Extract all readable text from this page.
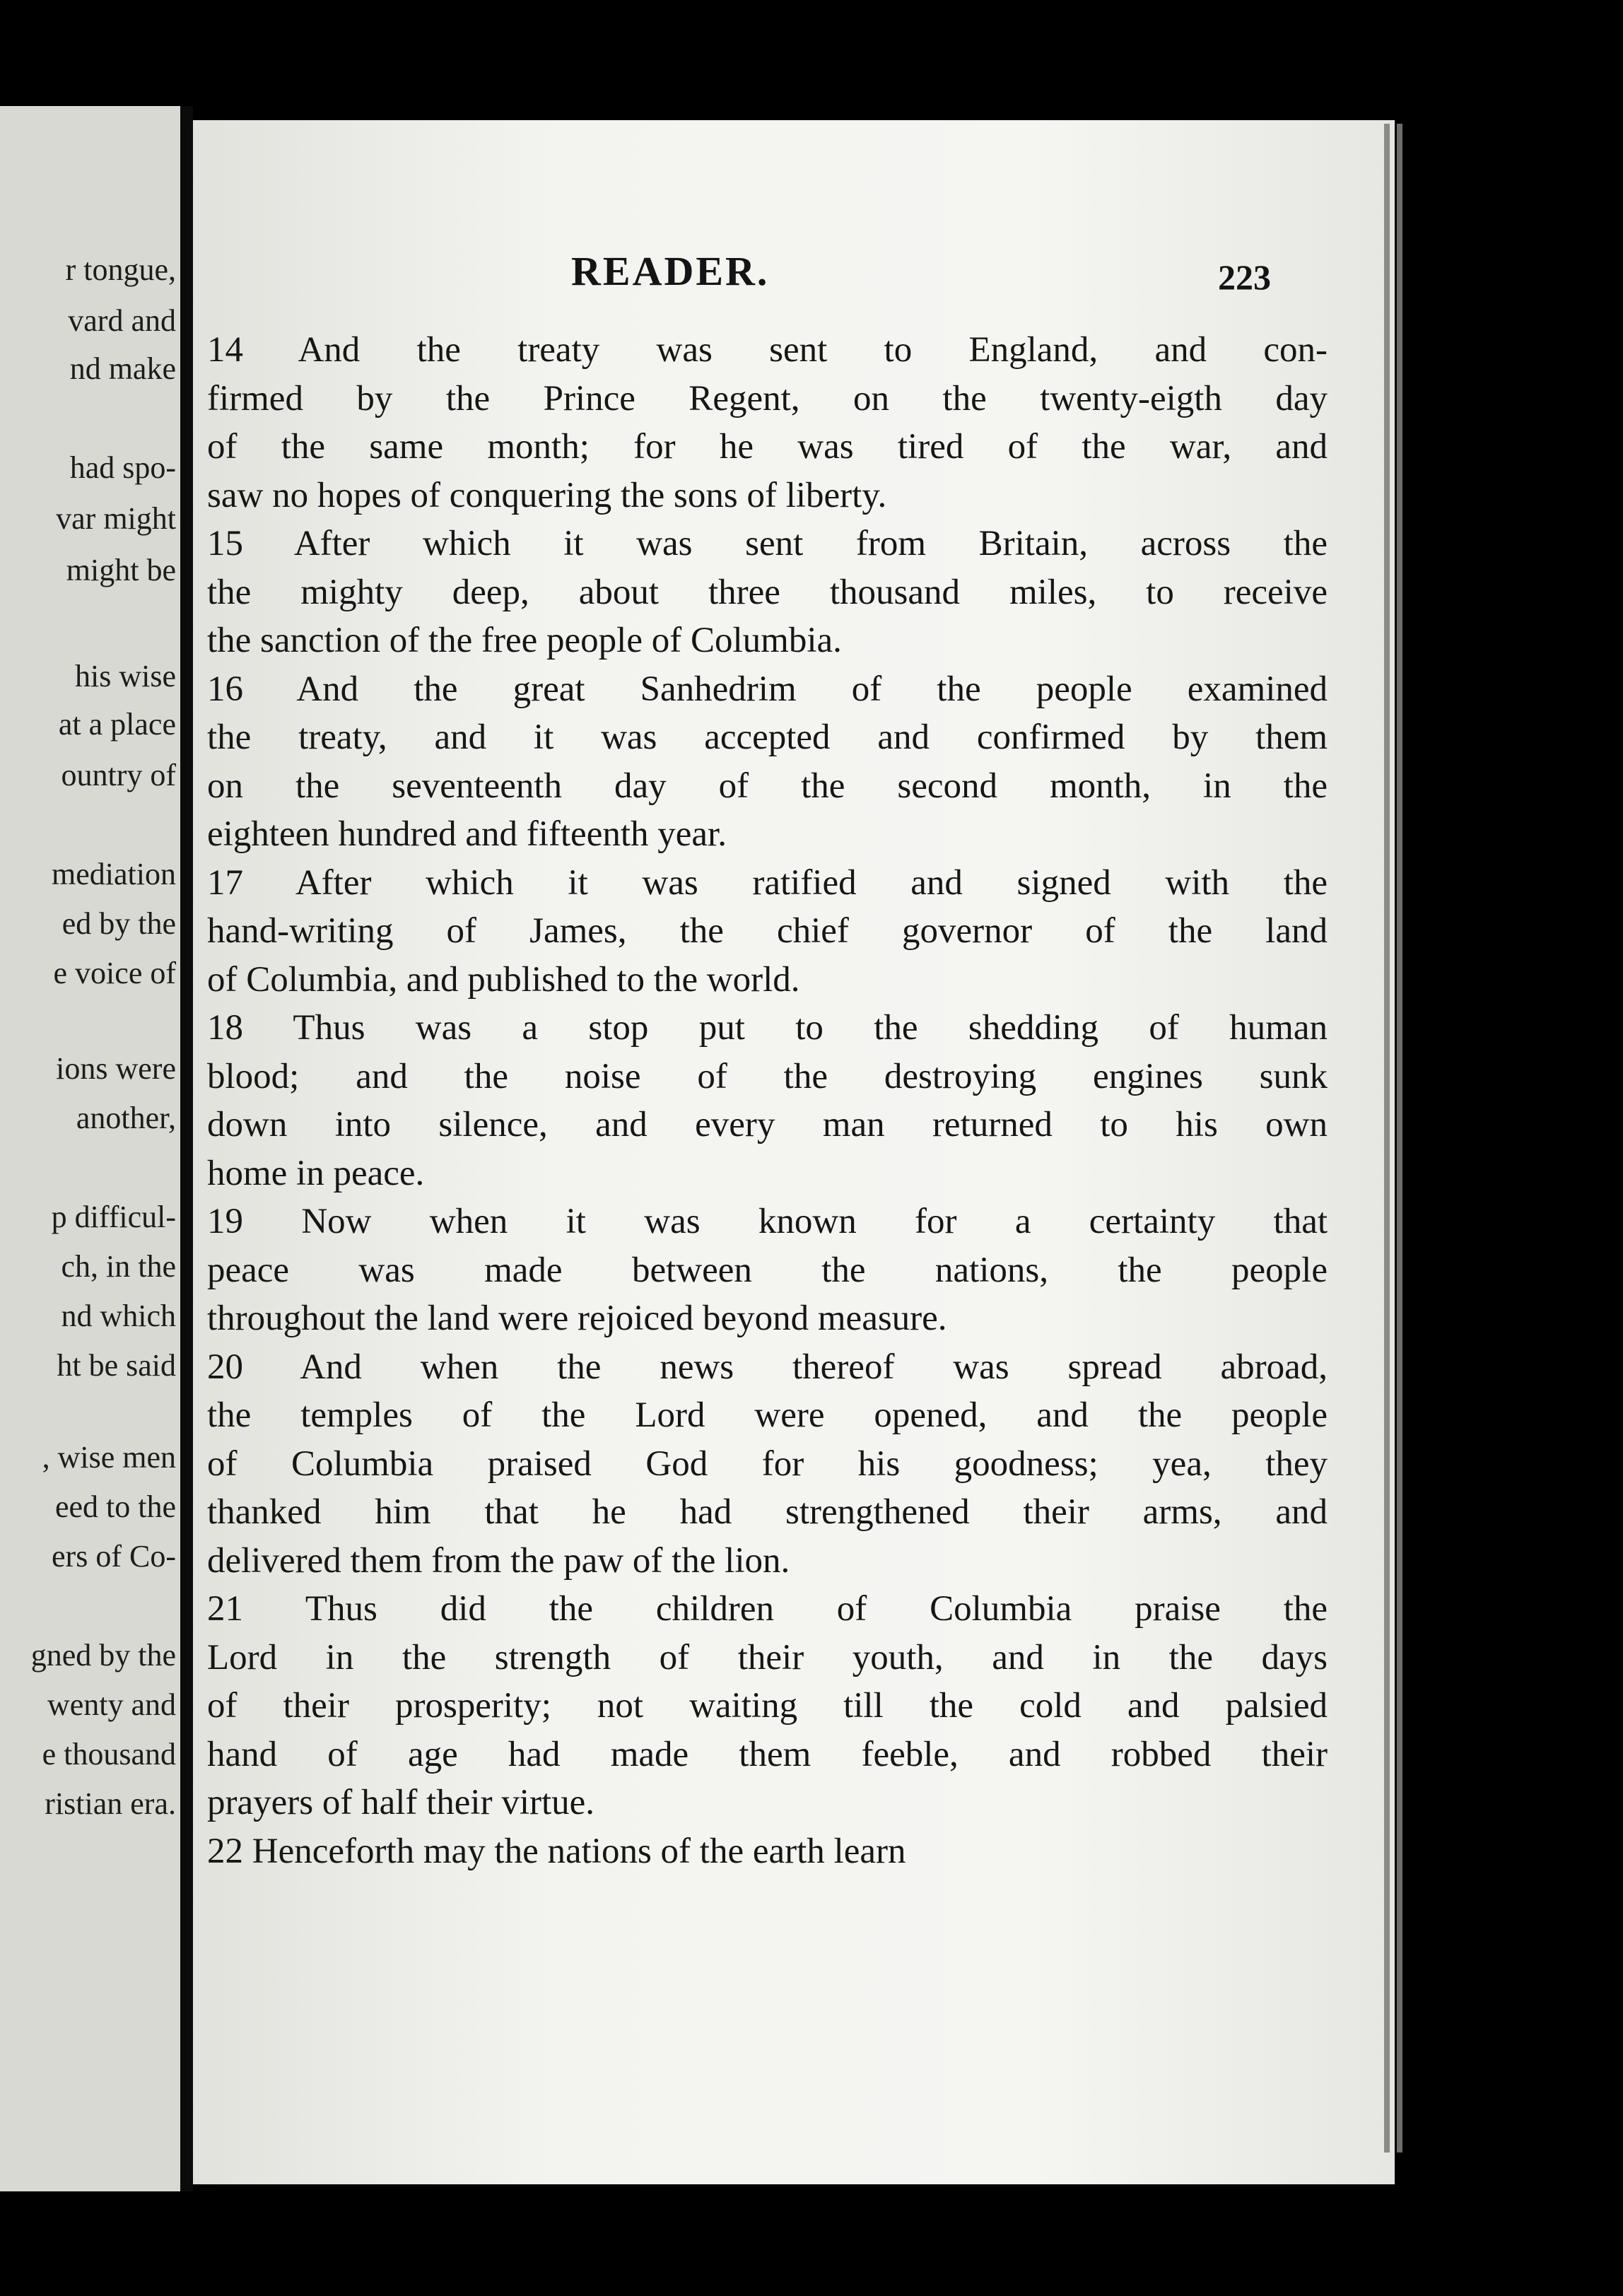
r tongue,
vard and
nd make
had spo-
var might
might be
his wise
at a place
ountry of
mediation
ed by the
e voice of
ions were
another,
p difficul-
ch, in the
nd which
ht be said
, wise men
eed to the
ers of Co-
gned by the
wenty and
e thousand
ristian era.
READER.	223
14 And the treaty was sent to England, and con-
firmed by the Prince Regent, on the twenty-eigth day
of the same month; for he was tired of the war, and
saw no hopes of conquering the sons of liberty.
15 After which it was sent from Britain, across the
the mighty deep, about three thousand miles, to receive
the sanction of the free people of Columbia.
16 And the great Sanhedrim of the people examined
the treaty, and it was accepted and confirmed by them
on the seventeenth day of the second month, in the
eighteen hundred and fifteenth year.
17 After which it was ratified and signed with the
hand-writing of James, the chief governor of the land
of Columbia, and published to the world.
18 Thus was a stop put to the shedding of human
blood; and the noise of the destroying engines sunk
down into silence, and every man returned to his own
home in peace.
19 Now when it was known for a certainty that
peace was made between the nations, the people
throughout the land were rejoiced beyond measure.
20 And when the news thereof was spread abroad,
the temples of the Lord were opened, and the people
of Columbia praised God for his goodness; yea, they
thanked him that he had strengthened their arms, and
delivered them from the paw of the lion.
21 Thus did the children of Columbia praise the
Lord in the strength of their youth, and in the days
of their prosperity; not waiting till the cold and palsied
hand of age had made them feeble, and robbed their
prayers of half their virtue.
22 Henceforth may the nations of the earth learn
